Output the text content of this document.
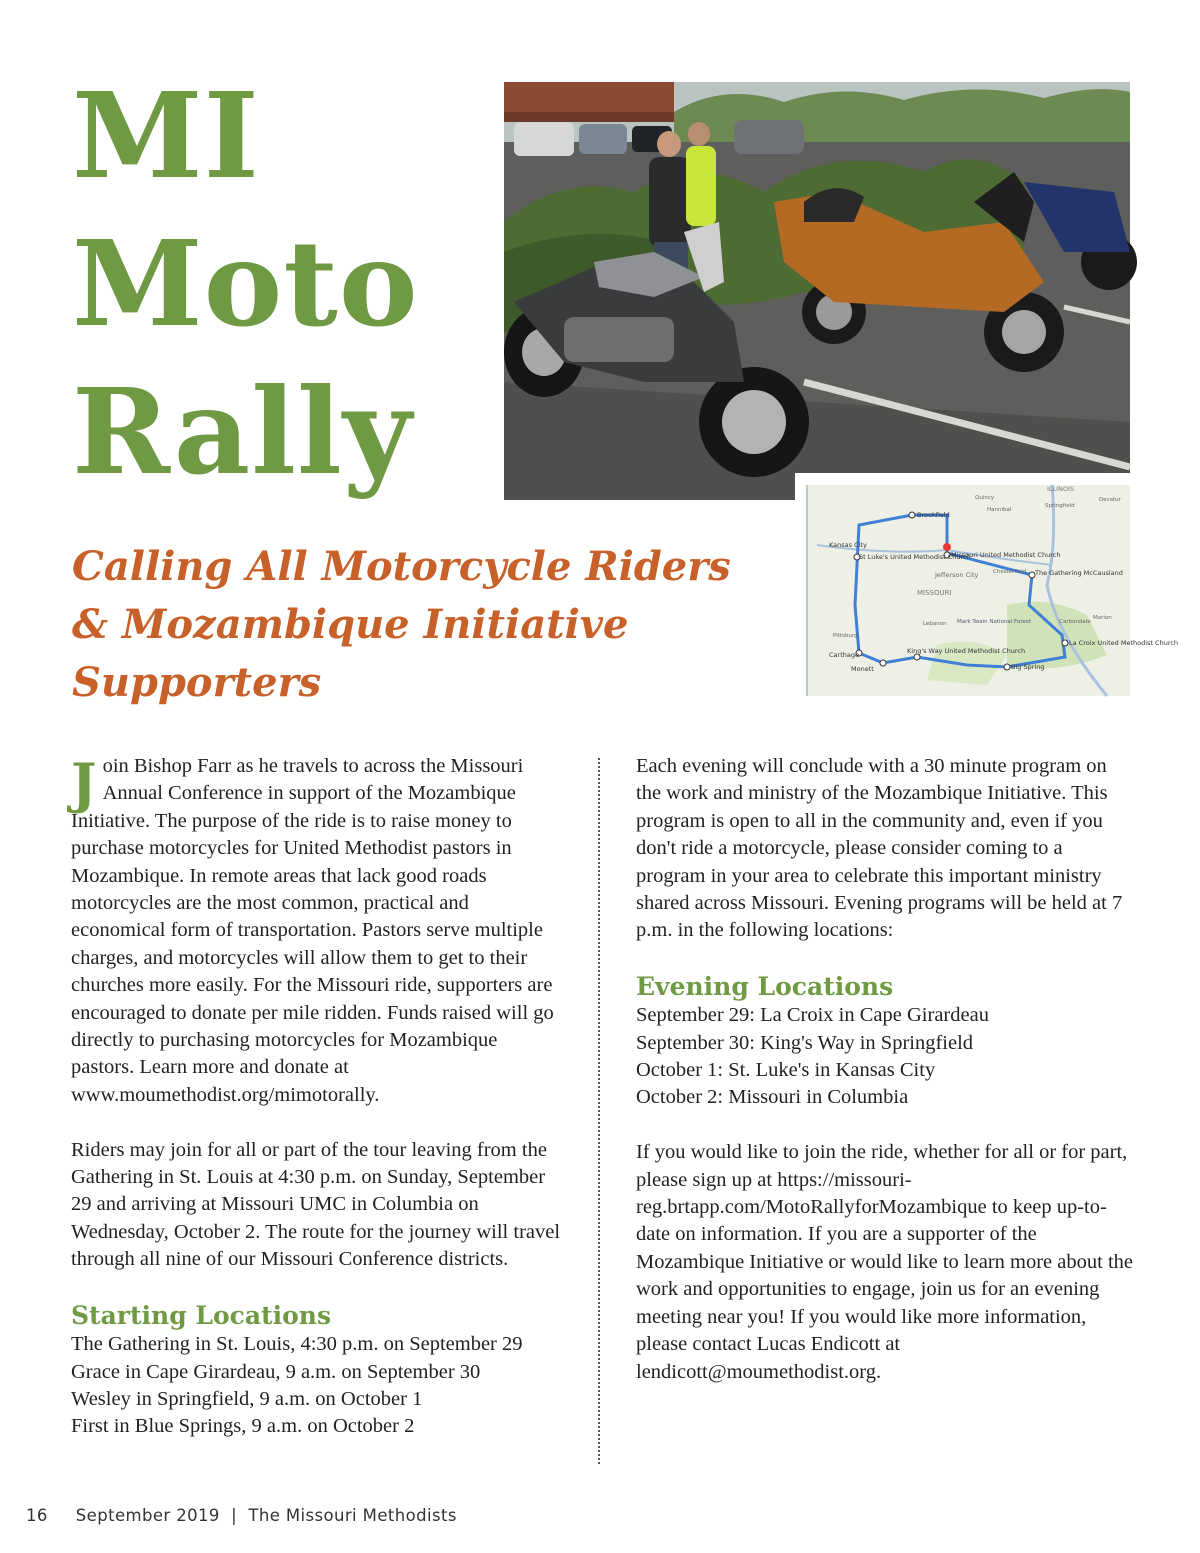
MI
Moto
Rally
Calling All Motorcycle Riders
& Mozambique Initiative
Supporters
ILLINOIS
Brookfield
Kansas City
St Luke's United Methodist Church
Missouri United Methodist Church
The Gathering McCausland
La Croix United Methodist Church
King's Way United Methodist Church
Big Spring
Carthage
Monett
Jefferson City
MISSOURI
Mark Twain National Forest
Chesterfield
Quincy
Springfield
Decatur
Hannibal
Pittsburg
Lebanon
Marion
Carbondale

Join Bishop Farr as he travels to across the Missouri Annual Conference in support of the Mozambique Initiative. The purpose of the ride is to raise money to purchase motorcycles for United Methodist pastors in Mozambique. In remote areas that lack good roads motorcycles are the most common, practical and economical form of transportation. Pastors serve multiple charges, and motorcycles will allow them to get to their churches more easily. For the Missouri ride, supporters are encouraged to donate per mile ridden. Funds raised will go directly to purchasing motorcycles for Mozambique pastors. Learn more and donate at www.moumethodist.org/mimotorally.

Riders may join for all or part of the tour leaving from the Gathering in St. Louis at 4:30 p.m. on Sunday, September 29 and arriving at Missouri UMC in Columbia on Wednesday, October 2. The route for the journey will travel through all nine of our Missouri Conference districts.

Starting Locations
The Gathering in St. Louis, 4:30 p.m. on September 29
Grace in Cape Girardeau, 9 a.m. on September 30
Wesley in Springfield, 9 a.m. on October 1
First in Blue Springs, 9 a.m. on October 2

Each evening will conclude with a 30 minute program on the work and ministry of the Mozambique Initiative. This program is open to all in the community and, even if you don't ride a motorcycle, please consider coming to a program in your area to celebrate this important ministry shared across Missouri. Evening programs will be held at 7 p.m. in the following locations:

Evening Locations
September 29: La Croix in Cape Girardeau
September 30: King's Way in Springfield
October 1: St. Luke's in Kansas City
October 2: Missouri in Columbia

If you would like to join the ride, whether for all or for part, please sign up at https://missouri-reg.brtapp.com/MotoRallyforMozambique to keep up-to-date on information. If you are a supporter of the Mozambique Initiative or would like to learn more about the work and opportunities to engage, join us for an evening meeting near you! If you would like more information, please contact Lucas Endicott at lendicott@moumethodist.org.

16 September 2019  |  The Missouri Methodists
